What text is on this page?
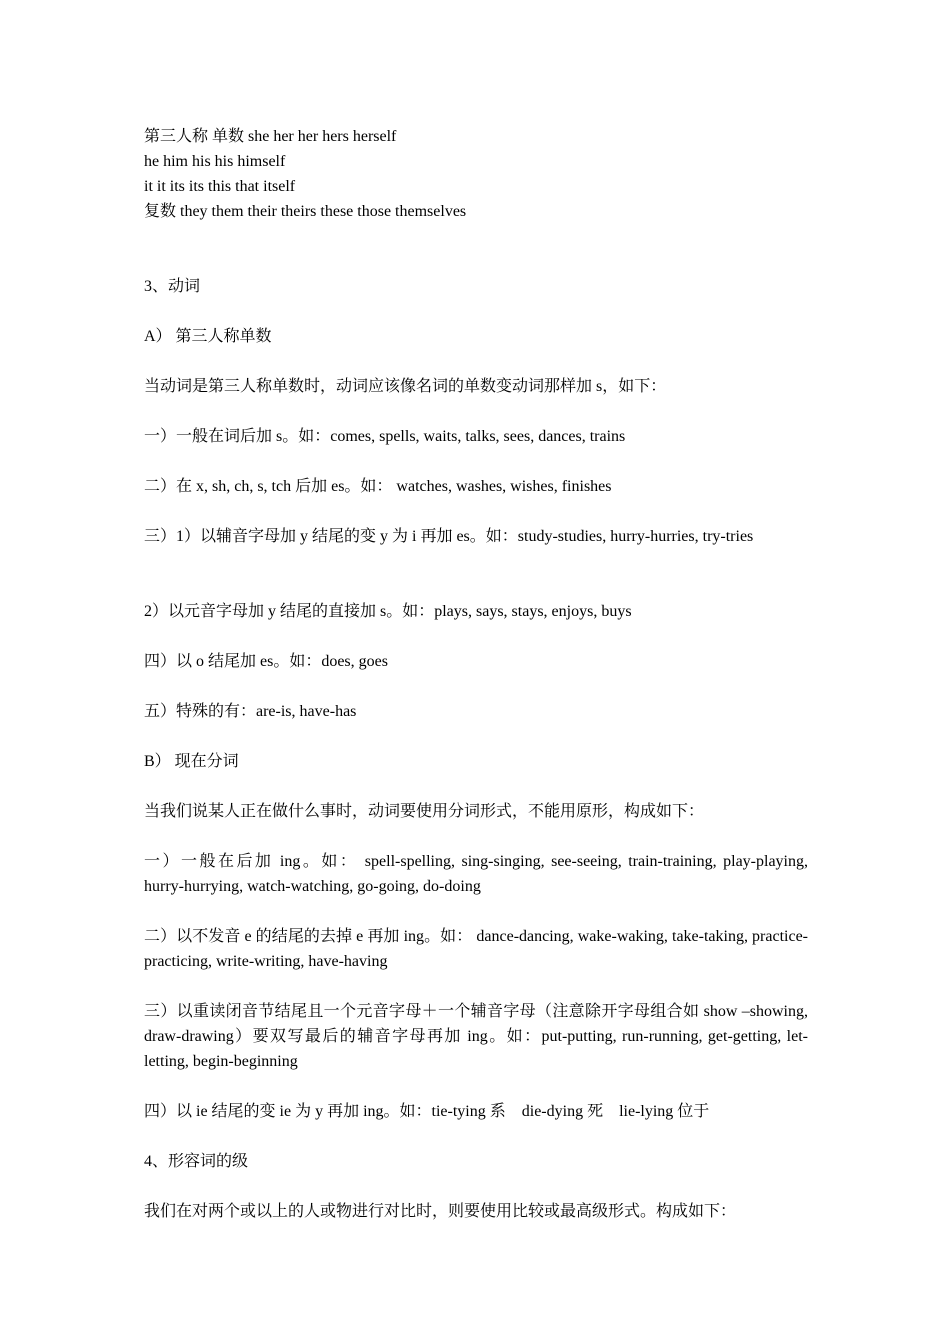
第三人称 单数 she her her hers herself

he him his his himself

it it its its this that itself

复数 they them their theirs these those themselves

3、动词

A） 第三人称单数

当动词是第三人称单数时，动词应该像名词的单数变动词那样加 s，如下：

一）一般在词后加 s。如：comes, spells, waits, talks, sees, dances, trains

二）在 x, sh, ch, s, tch 后加 es。如： watches, washes, wishes, finishes

三）1）以辅音字母加 y 结尾的变 y 为 i 再加 es。如：study-studies, hurry-hurries, try-tries

2）以元音字母加 y 结尾的直接加 s。如：plays, says, stays, enjoys, buys

四）以 o 结尾加 es。如：does, goes

五）特殊的有：are-is, have-has

B） 现在分词

当我们说某人正在做什么事时，动词要使用分词形式，不能用原形，构成如下：

一）一般在后加 ing。如： spell-spelling, sing-singing, see-seeing, train-training, play-playing, hurry-hurrying, watch-watching, go-going, do-doing

二）以不发音 e 的结尾的去掉 e 再加 ing。如： dance-dancing, wake-waking, take-taking, practice-practicing, write-writing, have-having

三）以重读闭音节结尾且一个元音字母＋一个辅音字母（注意除开字母组合如 show –showing, draw-drawing）要双写最后的辅音字母再加 ing。如：put-putting, run-running, get-getting, let-letting, begin-beginning

四）以 ie 结尾的变 ie 为 y 再加 ing。如：tie-tying 系　die-dying 死　lie-lying 位于

4、形容词的级

我们在对两个或以上的人或物进行对比时，则要使用比较或最高级形式。构成如下：
